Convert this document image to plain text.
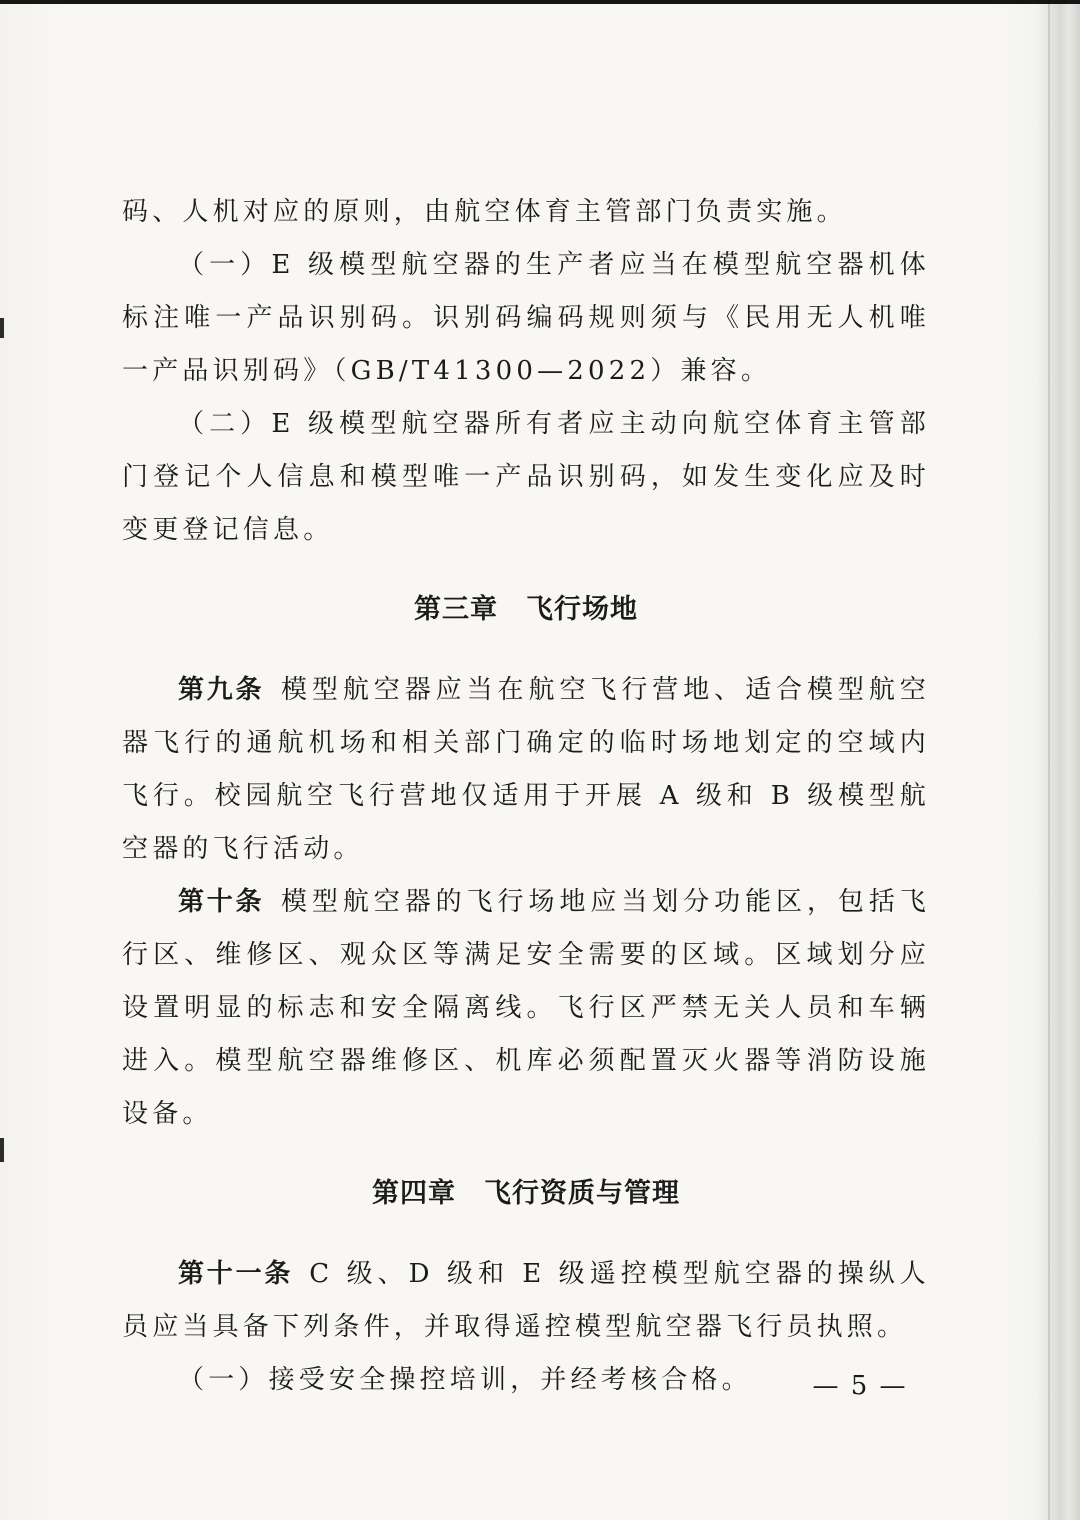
码、人机对应的原则，由航空体育主管部门负责实施。

（一）E 级模型航空器的生产者应当在模型航空器机体标注唯一产品识别码。识别码编码规则须与《民用无人机唯一产品识别码》（GB/T41300—2022）兼容。

（二）E 级模型航空器所有者应主动向航空体育主管部门登记个人信息和模型唯一产品识别码，如发生变化应及时变更登记信息。

第三章　飞行场地

第九条 模型航空器应当在航空飞行营地、适合模型航空器飞行的通航机场和相关部门确定的临时场地划定的空域内飞行。校园航空飞行营地仅适用于开展 A 级和 B 级模型航空器的飞行活动。

第十条 模型航空器的飞行场地应当划分功能区，包括飞行区、维修区、观众区等满足安全需要的区域。区域划分应设置明显的标志和安全隔离线。飞行区严禁无关人员和车辆进入。模型航空器维修区、机库必须配置灭火器等消防设施设备。

第四章　飞行资质与管理

第十一条 C 级、D 级和 E 级遥控模型航空器的操纵人员应当具备下列条件，并取得遥控模型航空器飞行员执照。

（一）接受安全操控培训，并经考核合格。	— 5 —
